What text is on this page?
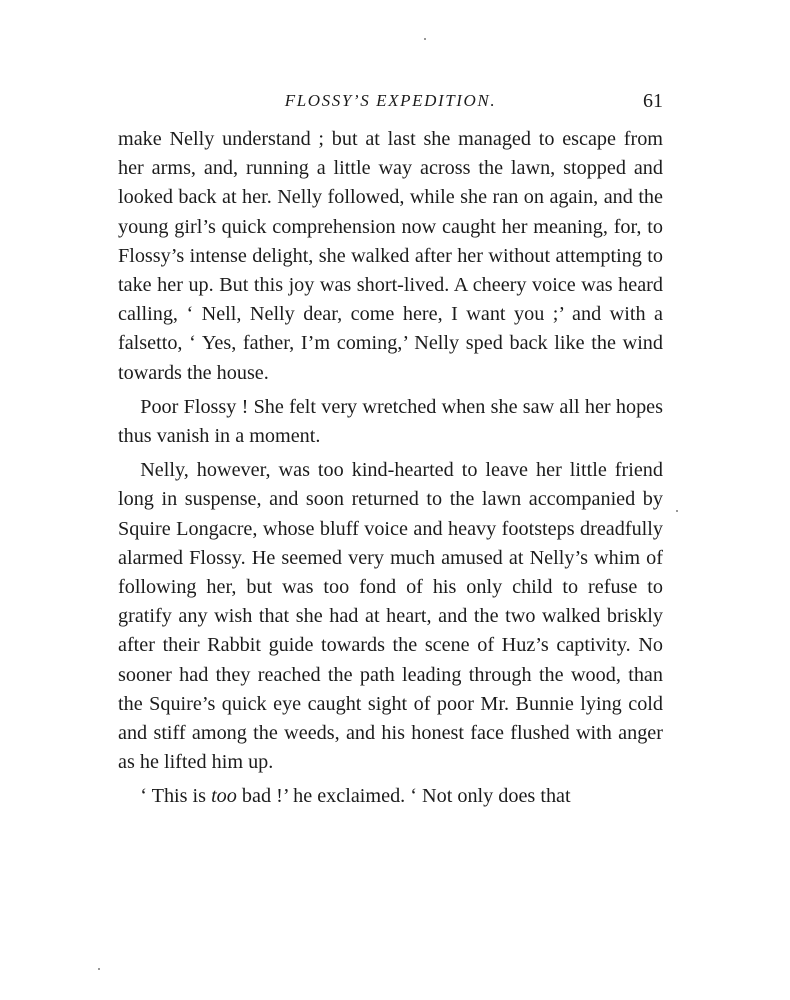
FLOSSY’S EXPEDITION.	61

make Nelly understand ; but at last she managed to escape from her arms, and, running a little way across the lawn, stopped and looked back at her. Nelly followed, while she ran on again, and the young girl’s quick comprehension now caught her meaning, for, to Flossy’s intense delight, she walked after her without attempting to take her up. But this joy was short-lived. A cheery voice was heard calling, ‘ Nell, Nelly dear, come here, I want you ;’ and with a falsetto, ‘ Yes, father, I’m coming,’ Nelly sped back like the wind towards the house.

Poor Flossy ! She felt very wretched when she saw all her hopes thus vanish in a moment.

Nelly, however, was too kind-hearted to leave her little friend long in suspense, and soon returned to the lawn accompanied by Squire Longacre, whose bluff voice and heavy footsteps dreadfully alarmed Flossy. He seemed very much amused at Nelly’s whim of following her, but was too fond of his only child to refuse to gratify any wish that she had at heart, and the two walked briskly after their Rabbit guide towards the scene of Huz’s captivity. No sooner had they reached the path leading through the wood, than the Squire’s quick eye caught sight of poor Mr. Bunnie lying cold and stiff among the weeds, and his honest face flushed with anger as he lifted him up.

‘ This is too bad !’ he exclaimed. ‘ Not only does that
